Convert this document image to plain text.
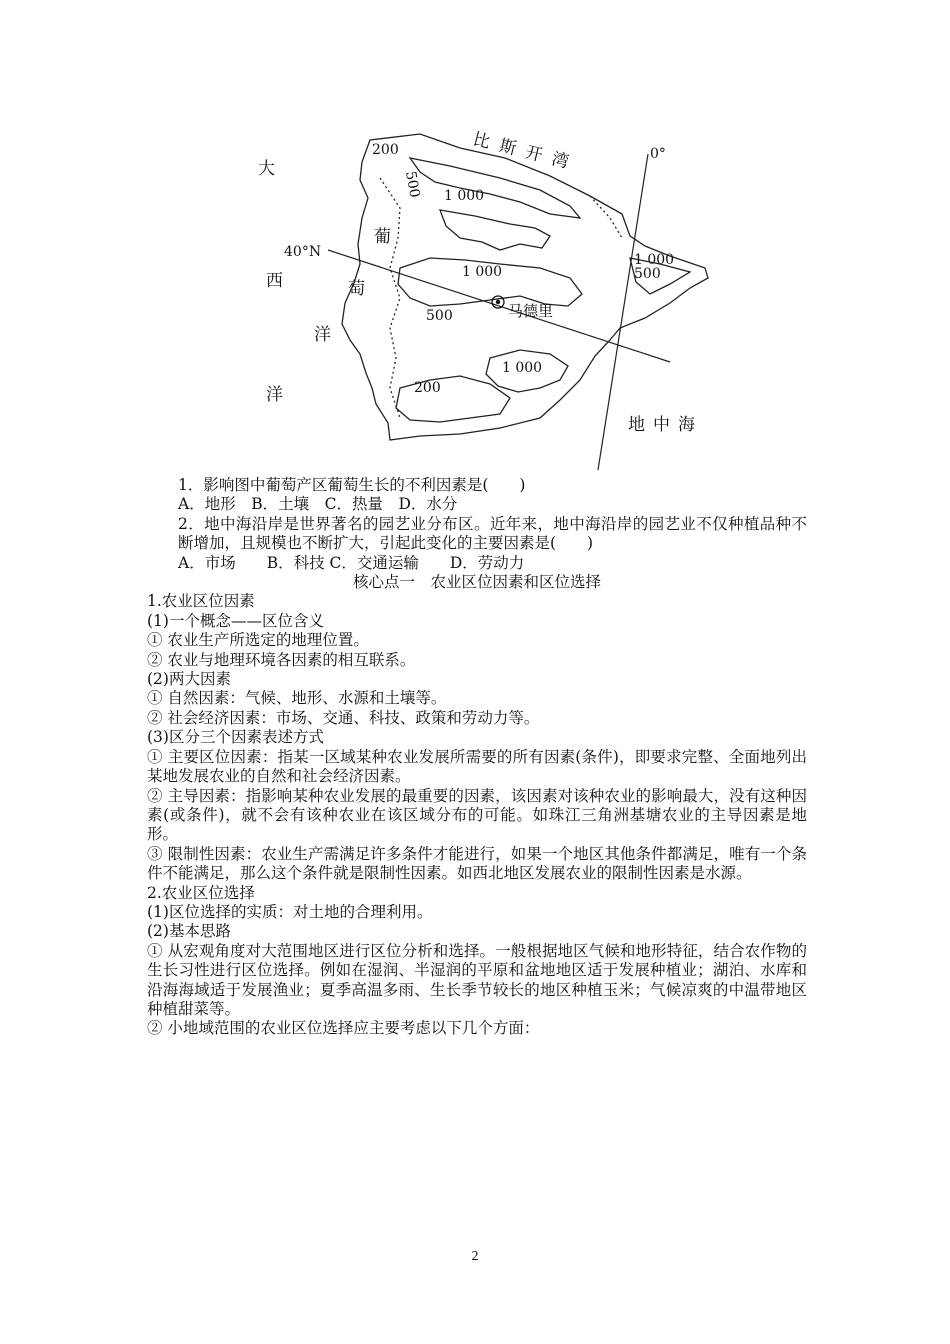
大
西
洋
洋
葡
萄
比斯开湾
地中海
马德里
0°
40°N
200
500 1 000
1 000
500
1 000
500
1 000
200

1．影响图中葡萄产区葡萄生长的不利因素是(　　)

A．地形　B．土壤　C．热量　D．水分

2．地中海沿岸是世界著名的园艺业分布区。近年来，地中海沿岸的园艺业不仅种植品种不断增加，且规模也不断扩大，引起此变化的主要因素是(　　)

A．市场　　B．科技 C．交通运输　　D．劳动力

核心点一　农业区位因素和区位选择

1.农业区位因素

(1)一个概念——区位含义

① 农业生产所选定的地理位置。

② 农业与地理环境各因素的相互联系。

(2)两大因素

① 自然因素：气候、地形、水源和土壤等。

② 社会经济因素：市场、交通、科技、政策和劳动力等。

(3)区分三个因素表述方式

① 主要区位因素：指某一区域某种农业发展所需要的所有因素(条件)，即要求完整、全面地列出某地发展农业的自然和社会经济因素。

② 主导因素：指影响某种农业发展的最重要的因素，该因素对该种农业的影响最大，没有这种因素(或条件)，就不会有该种农业在该区域分布的可能。如珠江三角洲基塘农业的主导因素是地形。

③ 限制性因素：农业生产需满足许多条件才能进行，如果一个地区其他条件都满足，唯有一个条件不能满足，那么这个条件就是限制性因素。如西北地区发展农业的限制性因素是水源。

2.农业区位选择

(1)区位选择的实质：对土地的合理利用。

(2)基本思路

① 从宏观角度对大范围地区进行区位分析和选择。一般根据地区气候和地形特征，结合农作物的生长习性进行区位选择。例如在湿润、半湿润的平原和盆地地区适于发展种植业；湖泊、水库和沿海海域适于发展渔业；夏季高温多雨、生长季节较长的地区种植玉米；气候凉爽的中温带地区种植甜菜等。

② 小地域范围的农业区位选择应主要考虑以下几个方面：

2
